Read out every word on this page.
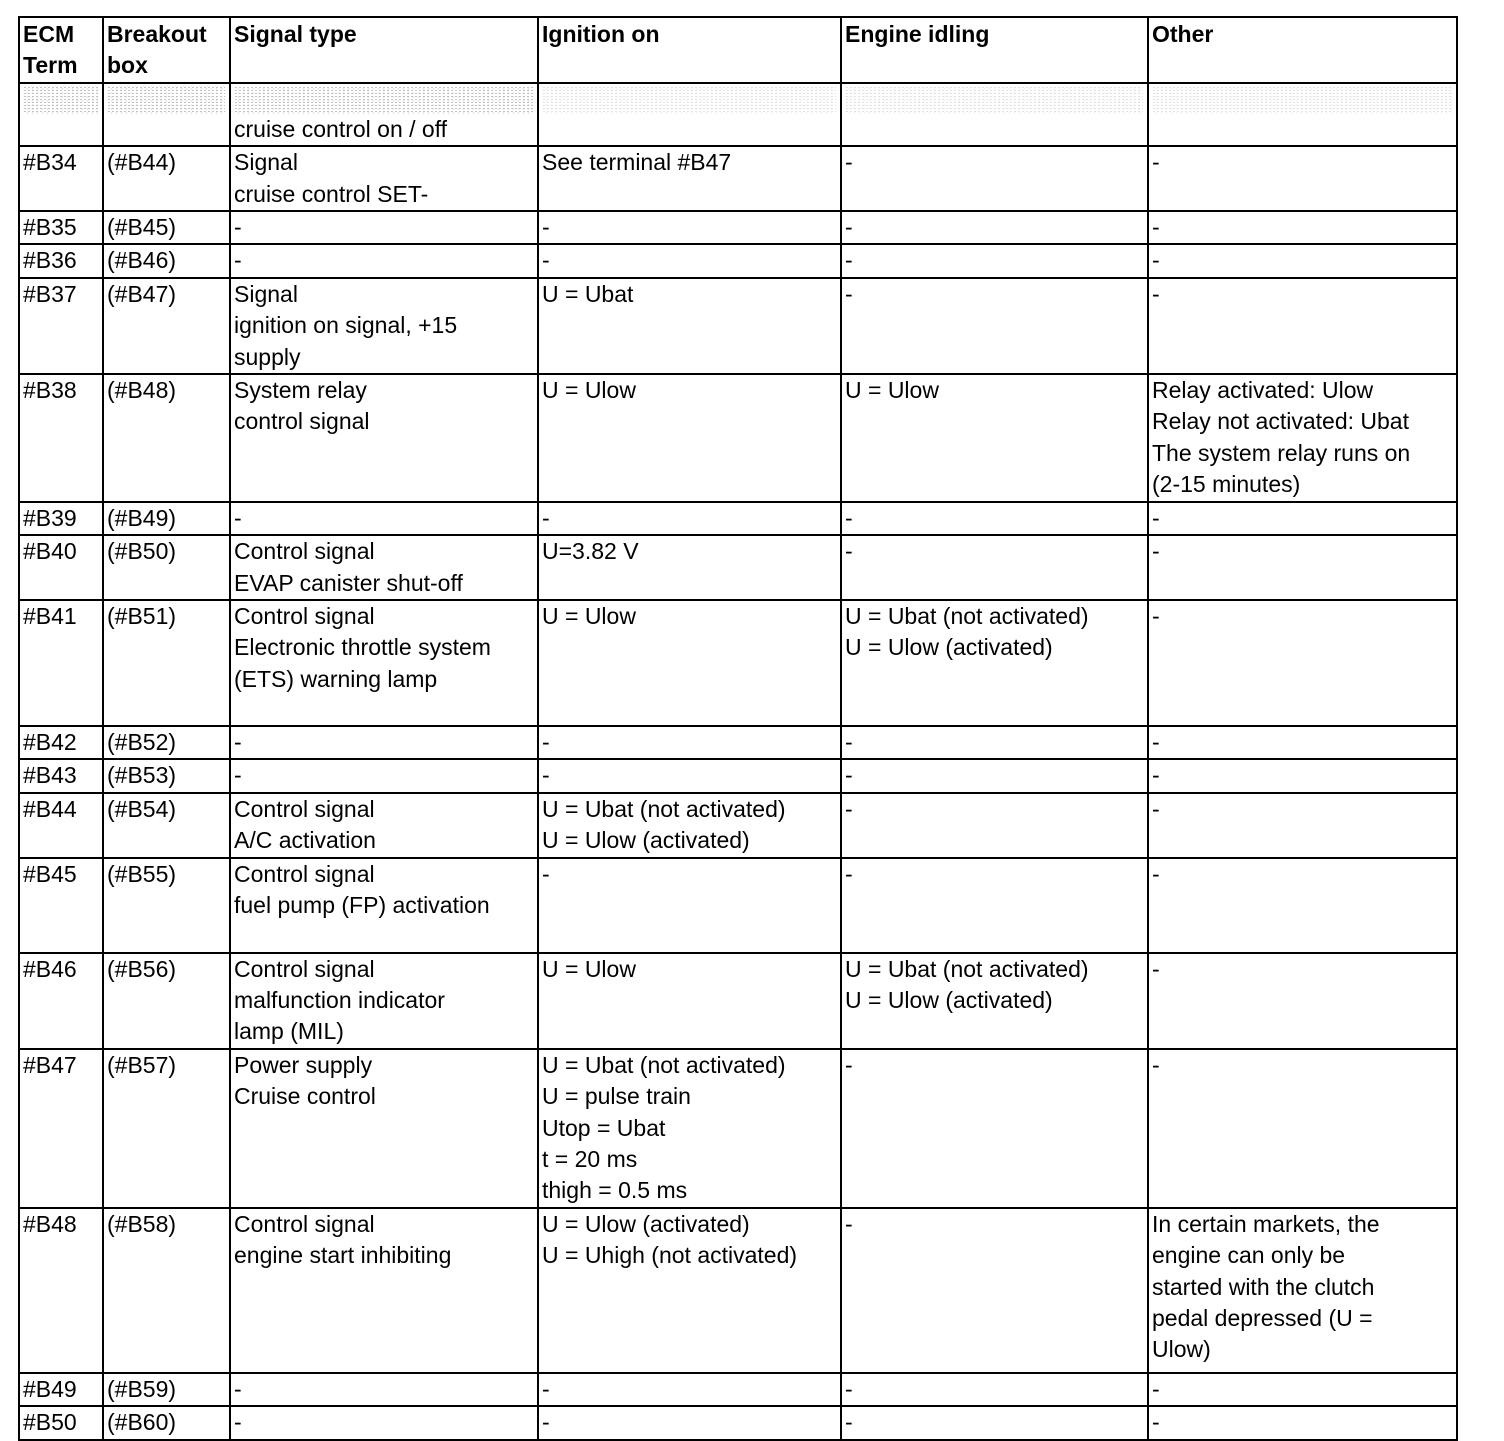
ECM Term	Breakout box	Signal type	Ignition on	Engine idling	Other

		cruise control on / off			

#B34	(#B44)	Signal
cruise control SET-	See terminal #B47	-	-

#B35	(#B45)	-	-	-	-

#B36	(#B46)	-	-	-	-

#B37	(#B47)	Signal
ignition on signal, +15
supply	U = Ubat	-	-

#B38	(#B48)	System relay
control signal	U = Ulow	U = Ulow	Relay activated: Ulow
Relay not activated: Ubat
The system relay runs on
(2-15 minutes)

#B39	(#B49)	-	-	-	-

#B40	(#B50)	Control signal
EVAP canister shut-off	U=3.82 V	-	-

#B41	(#B51)	Control signal
Electronic throttle system
(ETS) warning lamp	U = Ulow	U = Ubat (not activated)
U = Ulow (activated)	-

#B42	(#B52)	-	-	-	-

#B43	(#B53)	-	-	-	-

#B44	(#B54)	Control signal
A/C activation	U = Ubat (not activated)
U = Ulow (activated)	-	-

#B45	(#B55)	Control signal
fuel pump (FP) activation	-	-	-

#B46	(#B56)	Control signal
malfunction indicator
lamp (MIL)	U = Ulow	U = Ubat (not activated)
U = Ulow (activated)	-

#B47	(#B57)	Power supply
Cruise control	U = Ubat (not activated)
U = pulse train
Utop = Ubat
t = 20 ms
thigh = 0.5 ms	-	-

#B48	(#B58)	Control signal
engine start inhibiting	U = Ulow (activated)
U = Uhigh (not activated)	-	In certain markets, the
engine can only be
started with the clutch
pedal depressed (U =
Ulow)

#B49	(#B59)	-	-	-	-

#B50	(#B60)	-	-	-	-
